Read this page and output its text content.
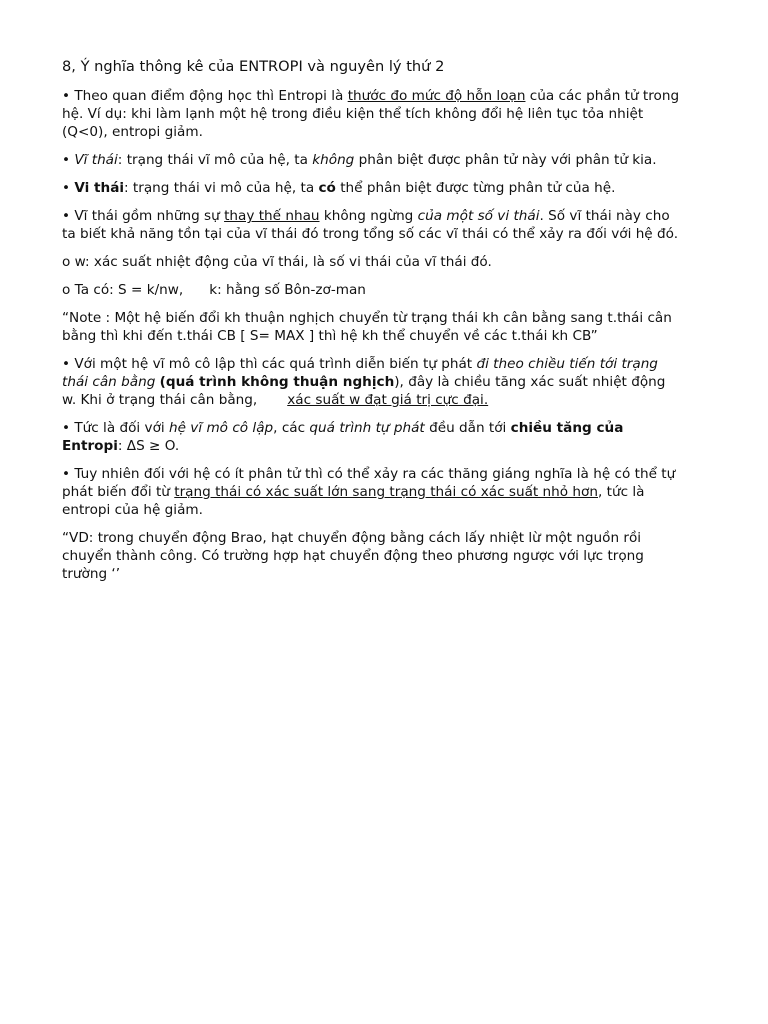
8, Ý nghĩa thông kê của ENTROPI và nguyên lý thứ 2
• Theo quan điểm động học thì Entropi là thước đo mức độ hỗn loạn của các phần tử trong hệ. Ví dụ: khi làm lạnh một hệ trong điều kiện thể tích không đổi hệ liên tục tỏa nhiệt (Q<0), entropi giảm.
• Vĩ thái: trạng thái vĩ mô của hệ, ta không phân biệt được phân tử này với phân tử kia.
• Vi thái: trạng thái vi mô của hệ, ta có thể phân biệt được từng phân tử của hệ.
• Vĩ thái gồm những sự thay thế nhau không ngừng của một số vi thái. Số vĩ thái này cho ta biết khả năng tồn tại của vĩ thái đó trong tổng số các vĩ thái có thể xảy ra đối với hệ đó.
o w: xác suất nhiệt động của vĩ thái, là số vi thái của vĩ thái đó.
o Ta có: S = k/nw, k: hằng số Bôn-zơ-man
“Note : Một hệ biến đổi kh thuận nghịch chuyển từ trạng thái kh cân bằng sang t.thái cân bằng thì khi đến t.thái CB [ S= MAX ] thì hệ kh thể chuyển về các t.thái kh CB”
• Với một hệ vĩ mô cô lập thì các quá trình diễn biến tự phát đi theo chiều tiến tới trạng thái cân bằng (quá trình không thuận nghịch), đây là chiều tăng xác suất nhiệt động w. Khi ở trạng thái cân bằng, xác suất w đạt giá trị cực đại.
• Tức là đối với hệ vĩ mô cô lập, các quá trình tự phát đều dẫn tới chiều tăng của Entropi: ΔS ≥ O.
• Tuy nhiên đối với hệ có ít phân tử thì có thể xảy ra các thăng giáng nghĩa là hệ có thể tự phát biến đổi từ trạng thái có xác suất lớn sang trạng thái có xác suất nhỏ hơn, tức là entropi của hệ giảm.
“VD: trong chuyển động Brao, hạt chuyển động bằng cách lấy nhiệt lừ một nguồn rồi chuyển thành công. Có trường hợp hạt chuyển động theo phương ngược với lực trọng trường ‘’
